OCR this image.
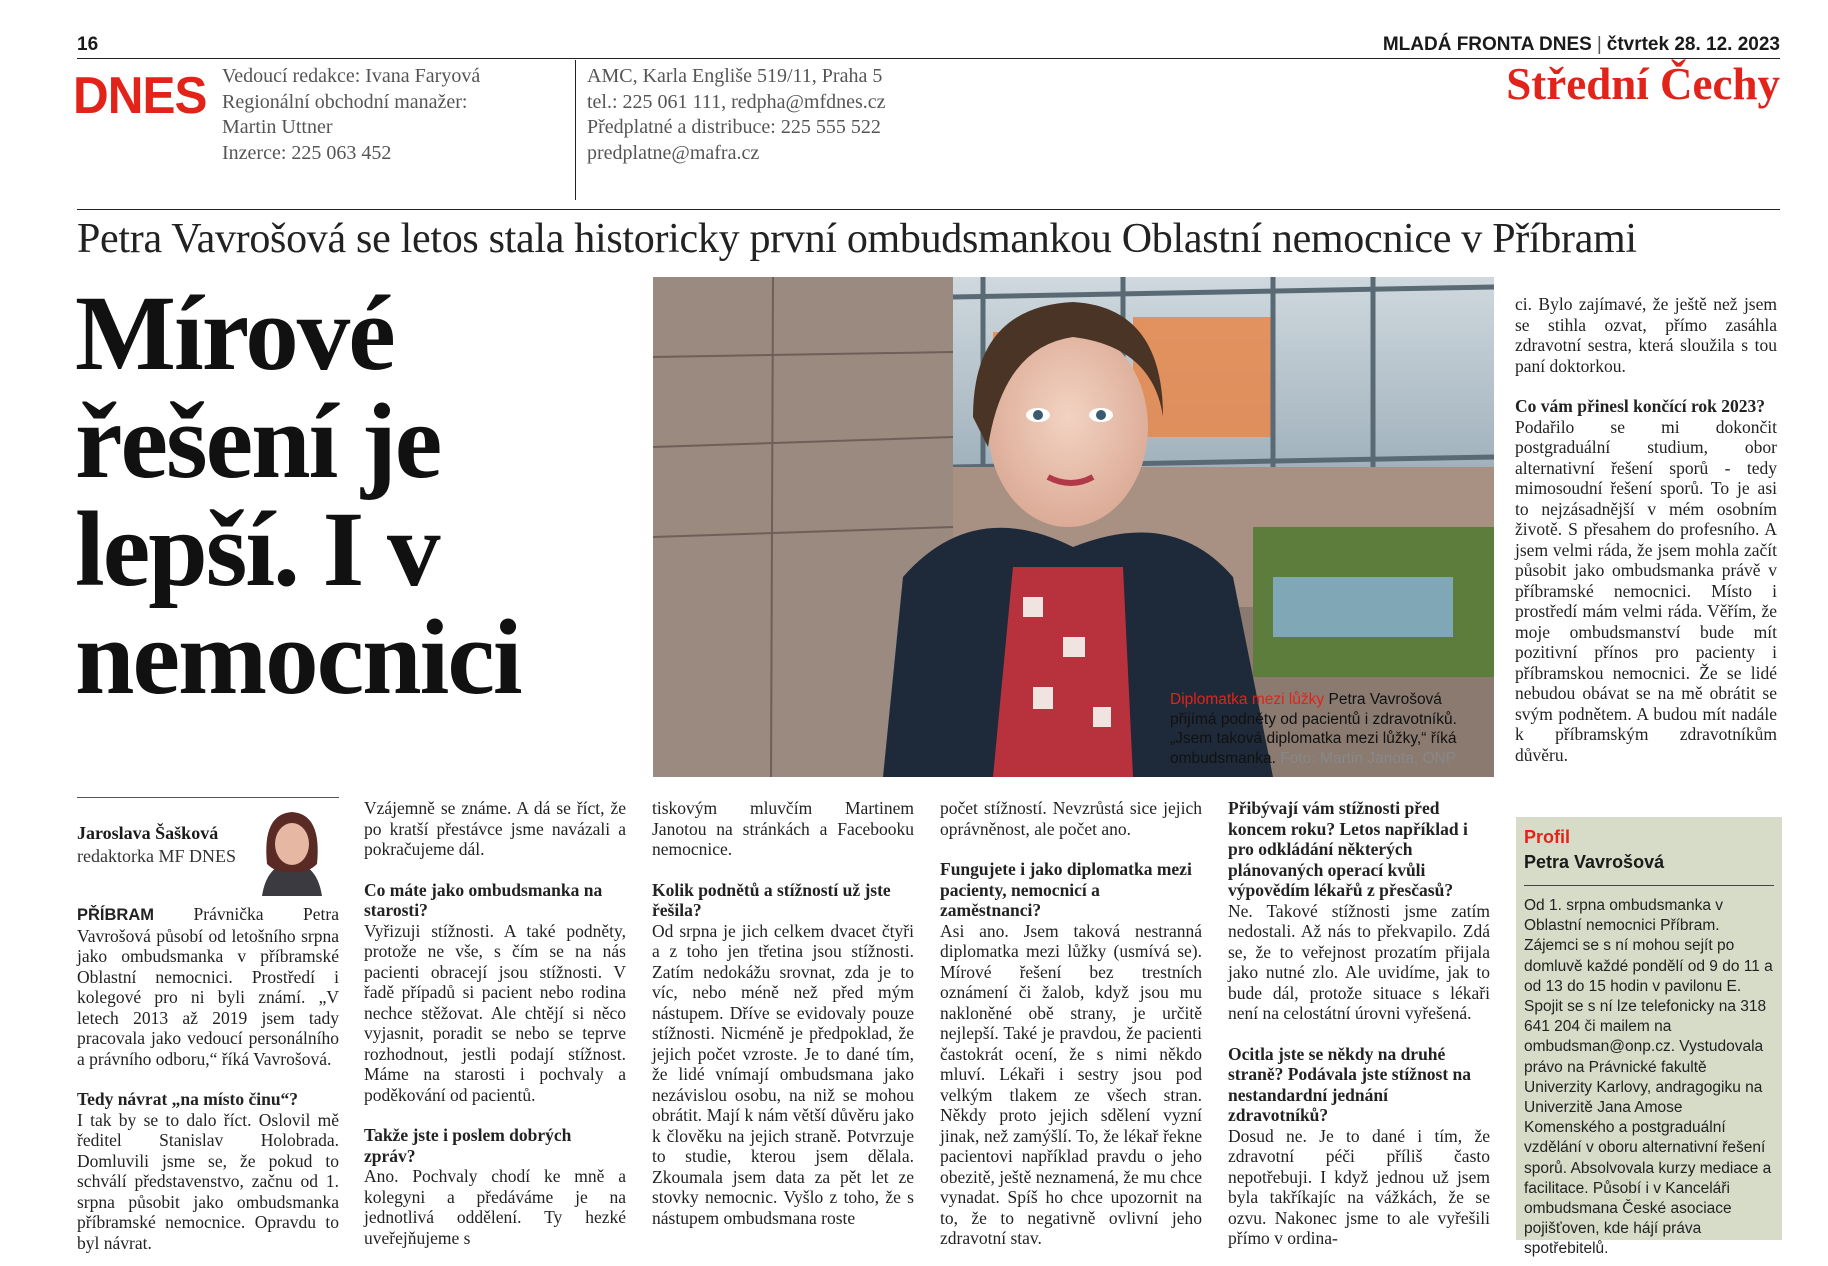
16	MLADÁ FRONTA DNES | čtvrtek 28. 12. 2023
DNES Vedoucí redakce: Ivana Faryová
Regionální obchodní manažer:
Martin Uttner
Inzerce: 225 063 452
AMC, Karla Engliše 519/11, Praha 5
tel.: 225 061 111, redpha@mfdnes.cz
Předplatné a distribuce: 225 555 522
predplatne@mafra.cz
Střední Čechy
Petra Vavrošová se letos stala historicky první ombudsmankou Oblastní nemocnice v Příbrami
Mírové řešení je lepší. I v nemocnici	Diplomatka mezi lůžky Petra Vavrošová přijímá podněty od pacientů i zdravotníků. „Jsem taková diplomatka mezi lůžky,“ říká ombudsmanka. Foto: Martin Janota, ONP
Jaroslava Šašková
redaktorka MF DNES

PŘÍBRAM Právnička Petra Vavrošová působí od letošního srpna jako ombudsmanka v příbramské Oblastní nemocnici. Prostředí i kolegové pro ni byli známí. „V letech 2013 až 2019 jsem tady pracovala jako vedoucí personálního a právního odboru,“ říká Vavrošová.

Tedy návrat „na místo činu“?

I tak by se to dalo říct. Oslovil mě ředitel Stanislav Holobrada. Domluvili jsme se, že pokud to schválí představenstvo, začnu od 1. srpna působit jako ombudsmanka příbramské nemocnice. Opravdu to byl návrat.

Vzájemně se známe. A dá se říct, že po kratší přestávce jsme navázali a pokračujeme dál.

Co máte jako ombudsmanka na starosti?

Vyřizuji stížnosti. A také podněty, protože ne vše, s čím se na nás pacienti obracejí jsou stížnosti. V řadě případů si pacient nebo rodina nechce stěžovat. Ale chtějí si něco vyjasnit, poradit se nebo se teprve rozhodnout, jestli podají stížnost. Máme na starosti i pochvaly a poděkování od pacientů.

Takže jste i poslem dobrých zpráv?

Ano. Pochvaly chodí ke mně a kolegyni a předáváme je na jednotlivá oddělení. Ty hezké uveřejňujeme s

tiskovým mluvčím Martinem Janotou na stránkách a Facebooku nemocnice.

Kolik podnětů a stížností už jste řešila?

Od srpna je jich celkem dvacet čtyři a z toho jen třetina jsou stížnosti. Zatím nedokážu srovnat, zda je to víc, nebo méně než před mým nástupem. Dříve se evidovaly pouze stížnosti. Nicméně je předpoklad, že jejich počet vzroste. Je to dané tím, že lidé vnímají ombudsmana jako nezávislou osobu, na niž se mohou obrátit. Mají k nám větší důvěru jako k člověku na jejich straně. Potvrzuje to studie, kterou jsem dělala. Zkoumala jsem data za pět let ze stovky nemocnic. Vyšlo z toho, že s nástupem ombudsmana roste

počet stížností. Nevzrůstá sice jejich oprávněnost, ale počet ano.

Fungujete i jako diplomatka mezi pacienty, nemocnicí a zaměstnanci?

Asi ano. Jsem taková nestranná diplomatka mezi lůžky (usmívá se). Mírové řešení bez trestních oznámení či žalob, když jsou mu nakloněné obě strany, je určitě nejlepší. Také je pravdou, že pacienti častokrát ocení, že s nimi někdo mluví. Lékaři i sestry jsou pod velkým tlakem ze všech stran. Někdy proto jejich sdělení vyzní jinak, než zamýšlí. To, že lékař řekne pacientovi například pravdu o jeho obezitě, ještě neznamená, že mu chce vynadat. Spíš ho chce upozornit na to, že to negativně ovlivní jeho zdravotní stav.

Přibývají vám stížnosti před koncem roku? Letos například i pro odkládání některých plánovaných operací kvůli výpovědím lékařů z přesčasů?

Ne. Takové stížnosti jsme zatím nedostali. Až nás to překvapilo. Zdá se, že to veřejnost prozatím přijala jako nutné zlo. Ale uvidíme, jak to bude dál, protože situace s lékaři není na celostátní úrovni vyřešená.

Ocitla jste se někdy na druhé straně? Podávala jste stížnost na nestandardní jednání zdravotníků?

Dosud ne. Je to dané i tím, že zdravotní péči příliš často nepotřebuji. I když jednou už jsem byla takříkajíc na vážkách, že se ozvu. Nakonec jsme to ale vyřešili přímo v ordina-

ci. Bylo zajímavé, že ještě než jsem se stihla ozvat, přímo zasáhla zdravotní sestra, která sloužila s tou paní doktorkou.

Co vám přinesl končící rok 2023?

Podařilo se mi dokončit postgraduální studium, obor alternativní řešení sporů - tedy mimosoudní řešení sporů. To je asi to nejzásadnější v mém osobním životě. S přesahem do profesního. A jsem velmi ráda, že jsem mohla začít působit jako ombudsmanka právě v příbramské nemocnici. Místo i prostředí mám velmi ráda. Věřím, že moje ombudsmanství bude mít pozitivní přínos pro pacienty i příbramskou nemocnici. Že se lidé nebudou obávat se na mě obrátit se svým podnětem. A budou mít nadále k příbramským zdravotníkům důvěru.

Profil
Petra Vavrošová
Od 1. srpna ombudsmanka v Oblastní nemocnici Příbram. Zájemci se s ní mohou sejít po domluvě každé pondělí od 9 do 11 a od 13 do 15 hodin v pavilonu E. Spojit se s ní lze telefonicky na 318 641 204 či mailem na ombudsman@onp.cz. Vystudovala právo na Právnické fakultě Univerzity Karlovy, andragogiku na Univerzitě Jana Amose Komenského a postgraduální vzdělání v oboru alternativní řešení sporů. Absolvovala kurzy mediace a facilitace. Působí i v Kanceláři ombudsmana České asociace pojišťoven, kde hájí práva spotřebitelů.
